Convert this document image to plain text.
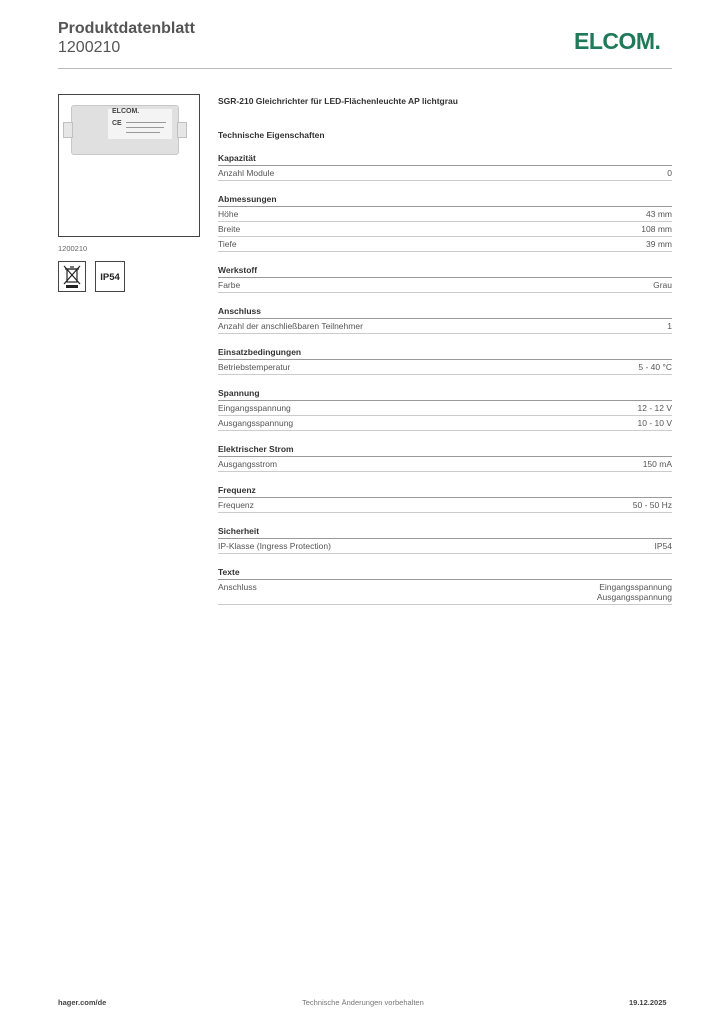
Produktdatenblatt
1200210	ELCOM.
ELCOM.
CE
1200210
IP54
SGR-210 Gleichrichter für LED-Flächenleuchte AP lichtgrau
Technische Eigenschaften
Kapazität
Anzahl Module	0
Abmessungen
Höhe	43 mm
Breite	108 mm
Tiefe	39 mm
Werkstoff
Farbe	Grau
Anschluss
Anzahl der anschließbaren Teilnehmer	1
Einsatzbedingungen
Betriebstemperatur	5 - 40 °C
Spannung
Eingangsspannung	12 - 12 V
Ausgangsspannung	10 - 10 V
Elektrischer Strom
Ausgangsstrom	150 mA
Frequenz
Frequenz	50 - 50 Hz
Sicherheit
IP-Klasse (Ingress Protection)	IP54
Texte
Anschluss	Eingangsspannung
Ausgangsspannung
hager.com/de	Technische Änderungen vorbehalten	19.12.2025
